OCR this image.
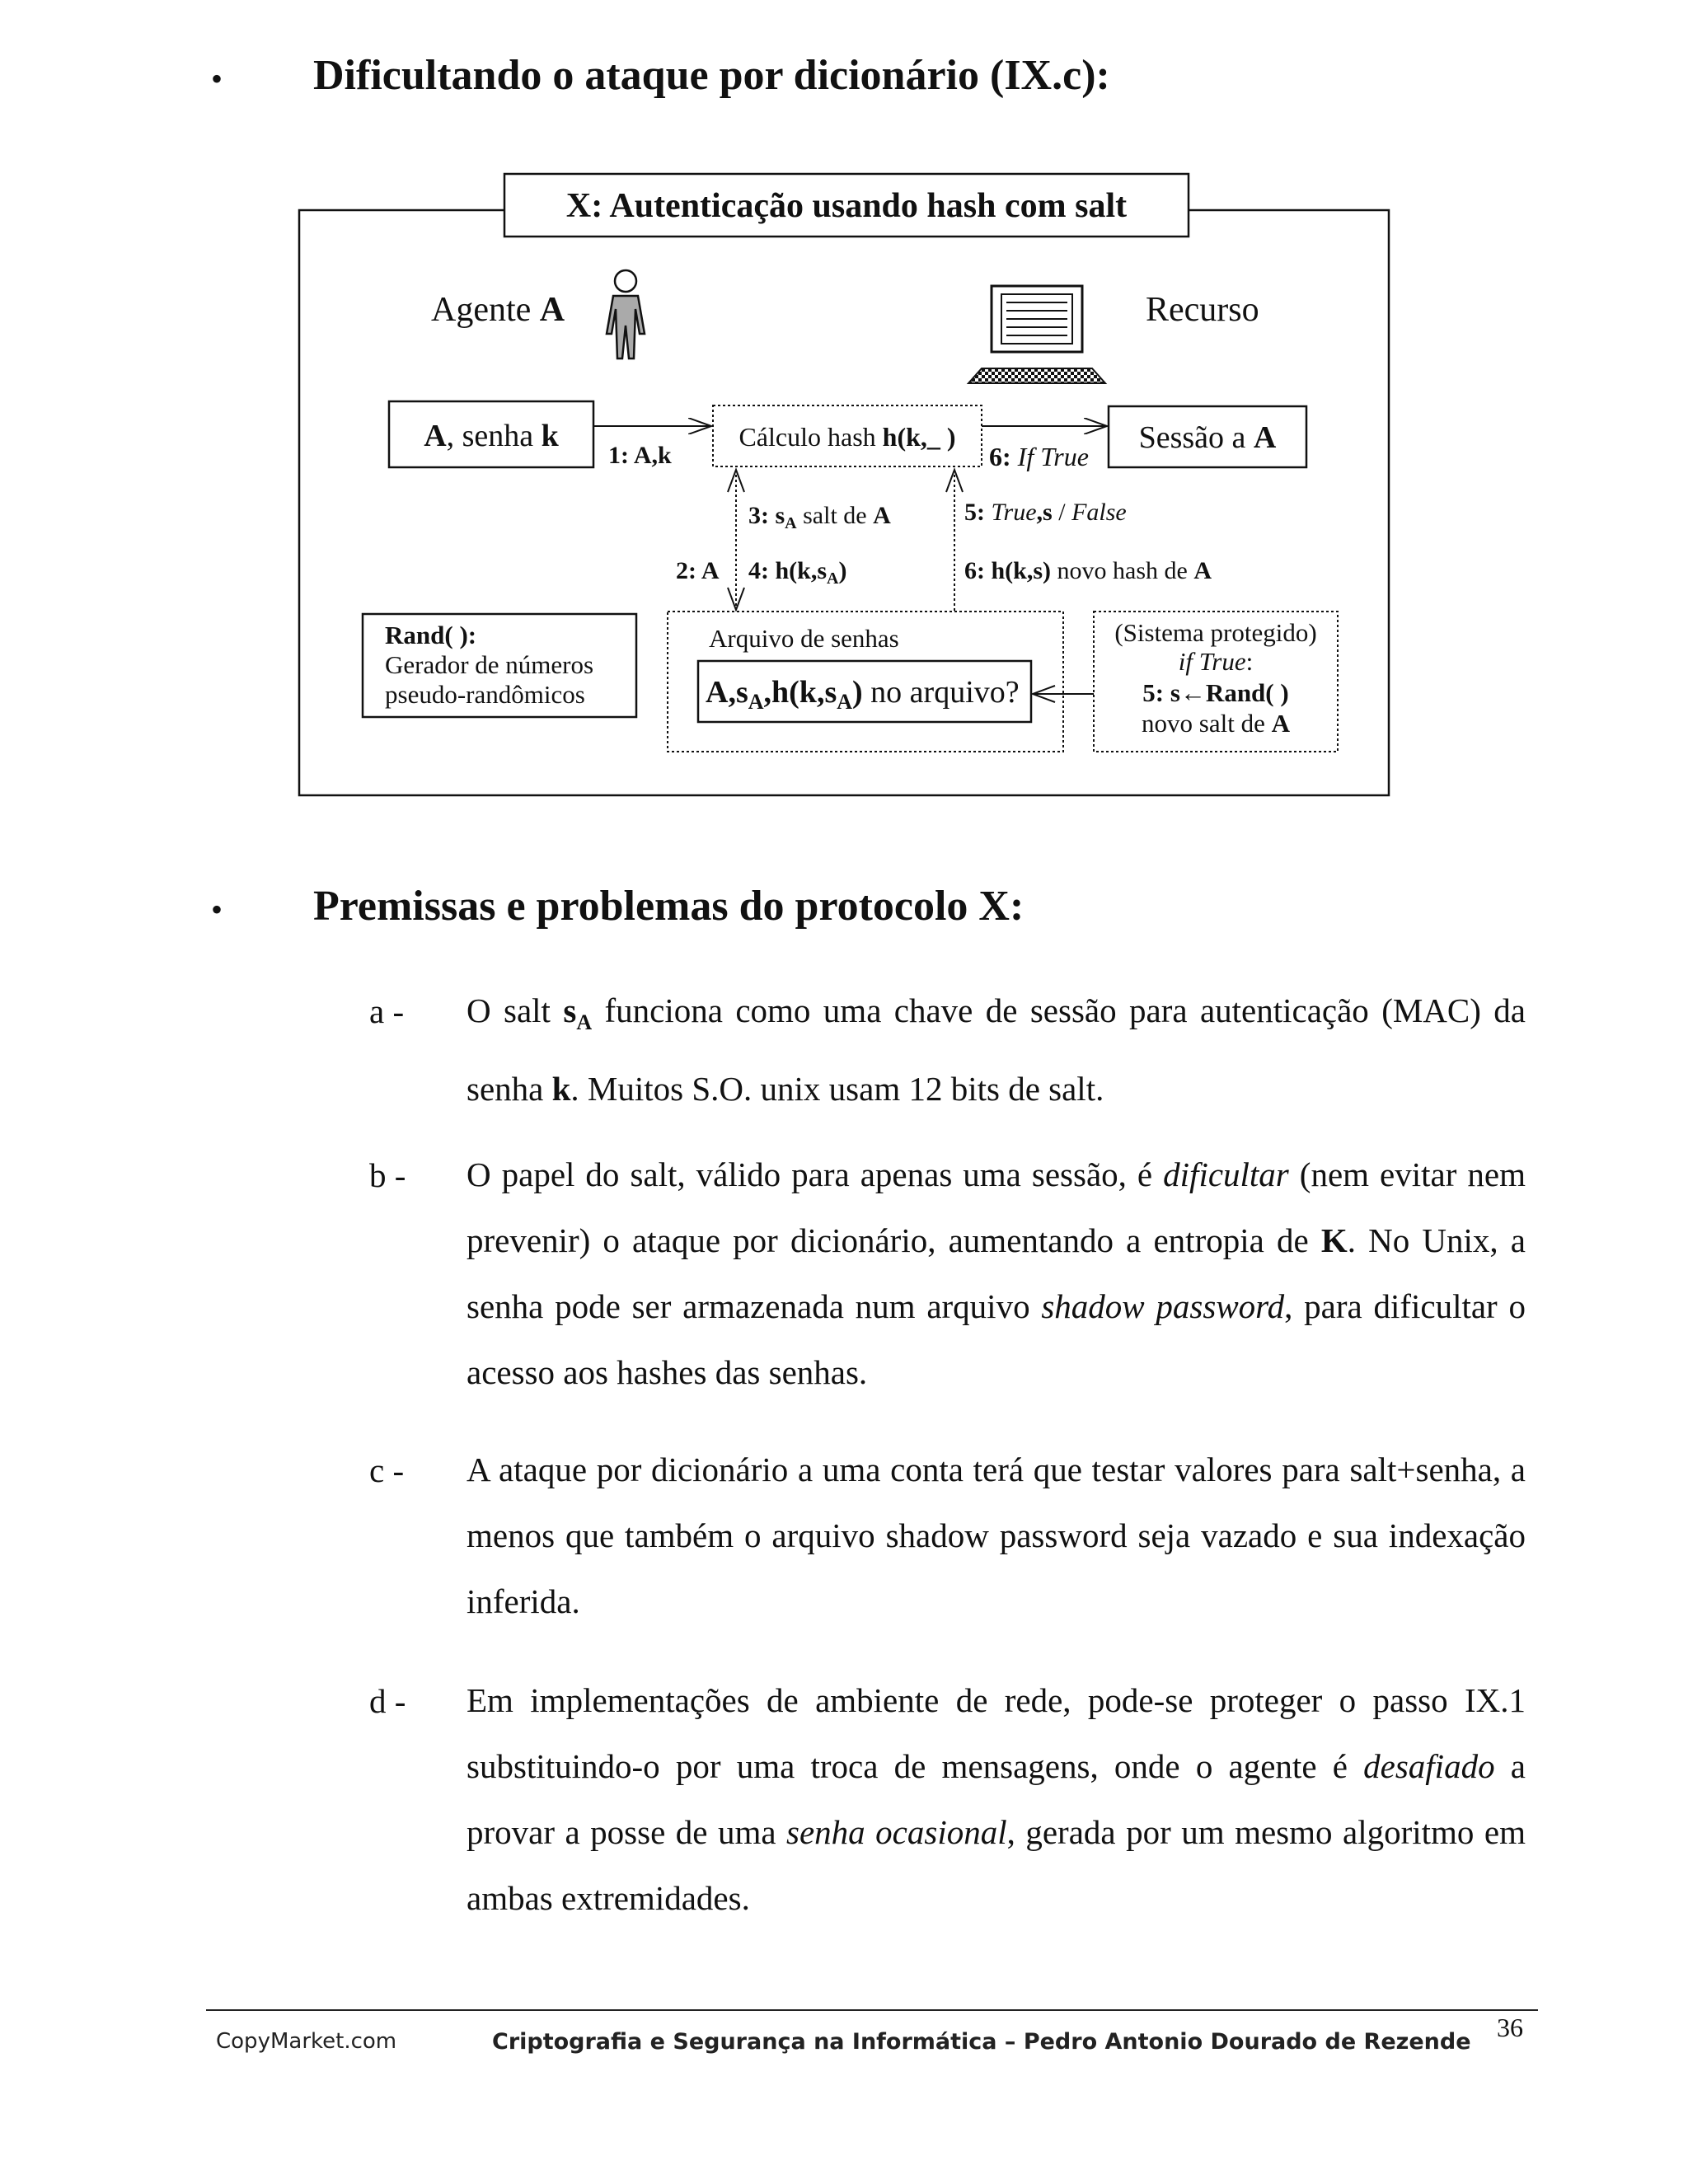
• Dificultando o ataque por dicionário (IX.c):
X: Autenticação usando hash com salt
Agente A	Recurso
A, senha k	Cálculo hash h(k,_ )	Sessão a A
1: A,k	6: If True
3: $s_A$ salt de A	5: True,s / False
2: A 4: $h(k,s_A)$	6: h(k,s) novo hash de A
Rand( ):
Gerador de números
pseudo-randômicos
Arquivo de senhas
$A,s_A,h(k,s_A)$ no arquivo?
(Sistema protegido)
if True:
5: s←Rand( )
novo salt de A
• Premissas e problemas do protocolo X:
a - O salt $s_A$ funciona como uma chave de sessão para autenticação (MAC) da senha k. Muitos S.O. unix usam 12 bits de salt.
b - O papel do salt, válido para apenas uma sessão, é dificultar (nem evitar nem prevenir) o ataque por dicionário, aumentando a entropia de K. No Unix, a senha pode ser armazenada num arquivo shadow password, para dificultar o acesso aos hashes das senhas.
c - A ataque por dicionário a uma conta terá que testar valores para salt+senha, a menos que também o arquivo shadow password seja vazado e sua indexação inferida.
d - Em implementações de ambiente de rede, pode-se proteger o passo IX.1 substituindo-o por uma troca de mensagens, onde o agente é desafiado a provar a posse de uma senha ocasional, gerada por um mesmo algoritmo em ambas extremidades.
36
CopyMarket.com	Criptografia e Segurança na Informática – Pedro Antonio Dourado de Rezende
